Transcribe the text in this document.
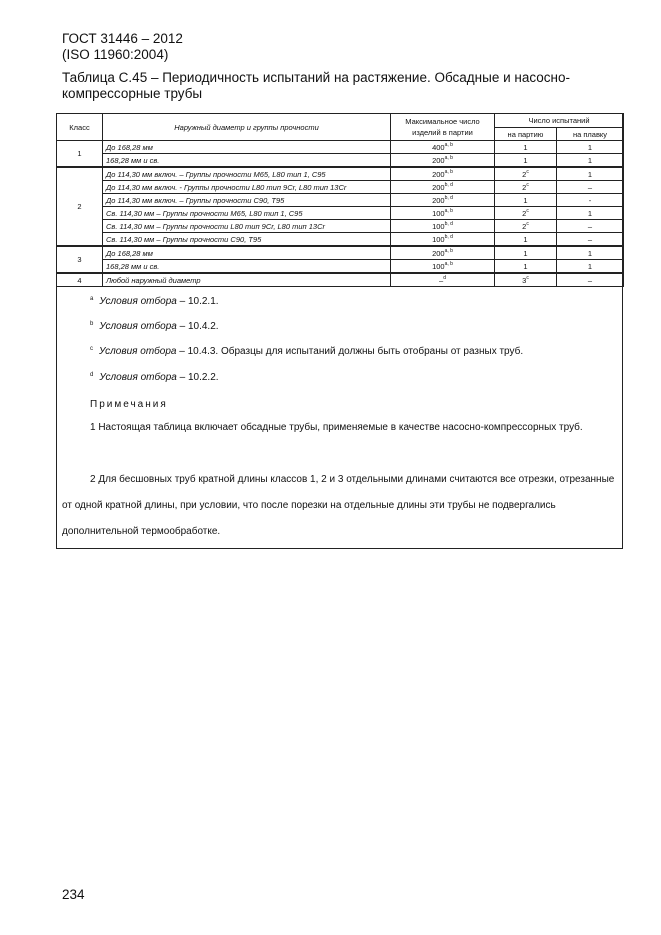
ГОСТ 31446 – 2012
(ISO 11960:2004)
Таблица С.45 – Периодичность испытаний на растяжение. Обсадные и насосно-компрессорные трубы
Класс	Наружный диаметр и группы прочности	Максимальное число изделий в партии	Число испытаний	
			на партию	на плавку
1	До 168,28 мм	400$^{a, b}$	1	1
	168,28 мм и св.	200$^{a, b}$	1	1
2	До 114,30 мм включ. – Группы прочности М65, L80 тип 1, С95	200$^{a, b}$	2$^c$	1
	До 114,30 мм включ. - Группы прочности L80 тип 9Cr, L80 тип 13Cr	200$^{b, d}$	2$^c$	–
	До 114,30 мм включ. – Группы прочности С90, Т95	200$^{b, d}$	1	-
	Св. 114,30 мм – Группы прочности М65, L80 тип 1, С95	100$^{a, b}$	2$^c$	1
	Св. 114,30 мм – Группы прочности L80 тип 9Cr, L80 тип 13Cr	100$^{b, d}$	2$^c$	–
	Св. 114,30 мм – Группы прочности С90, Т95	100$^{b, d}$	1	–
3	До 168,28 мм	200$^{a, b}$	1	1
	168,28 мм и св.	100$^{a, b}$	1	1
4	Любой наружный диаметр	–$^d$	3$^c$	–
$^a$ Условия отбора – 10.2.1.
$^b$ Условия отбора – 10.4.2.
$^c$ Условия отбора – 10.4.3. Образцы для испытаний должны быть отобраны от разных труб.
$^d$ Условия отбора – 10.2.2.
Примечания
1 Настоящая таблица включает обсадные трубы, применяемые в качестве насосно-компрессорных труб.
2 Для бесшовных труб кратной длины классов 1, 2 и 3 отдельными длинами считаются все отрезки, отрезанные от одной кратной длины, при условии, что после порезки на отдельные длины эти трубы не подвергались дополнительной термообработке.
234
